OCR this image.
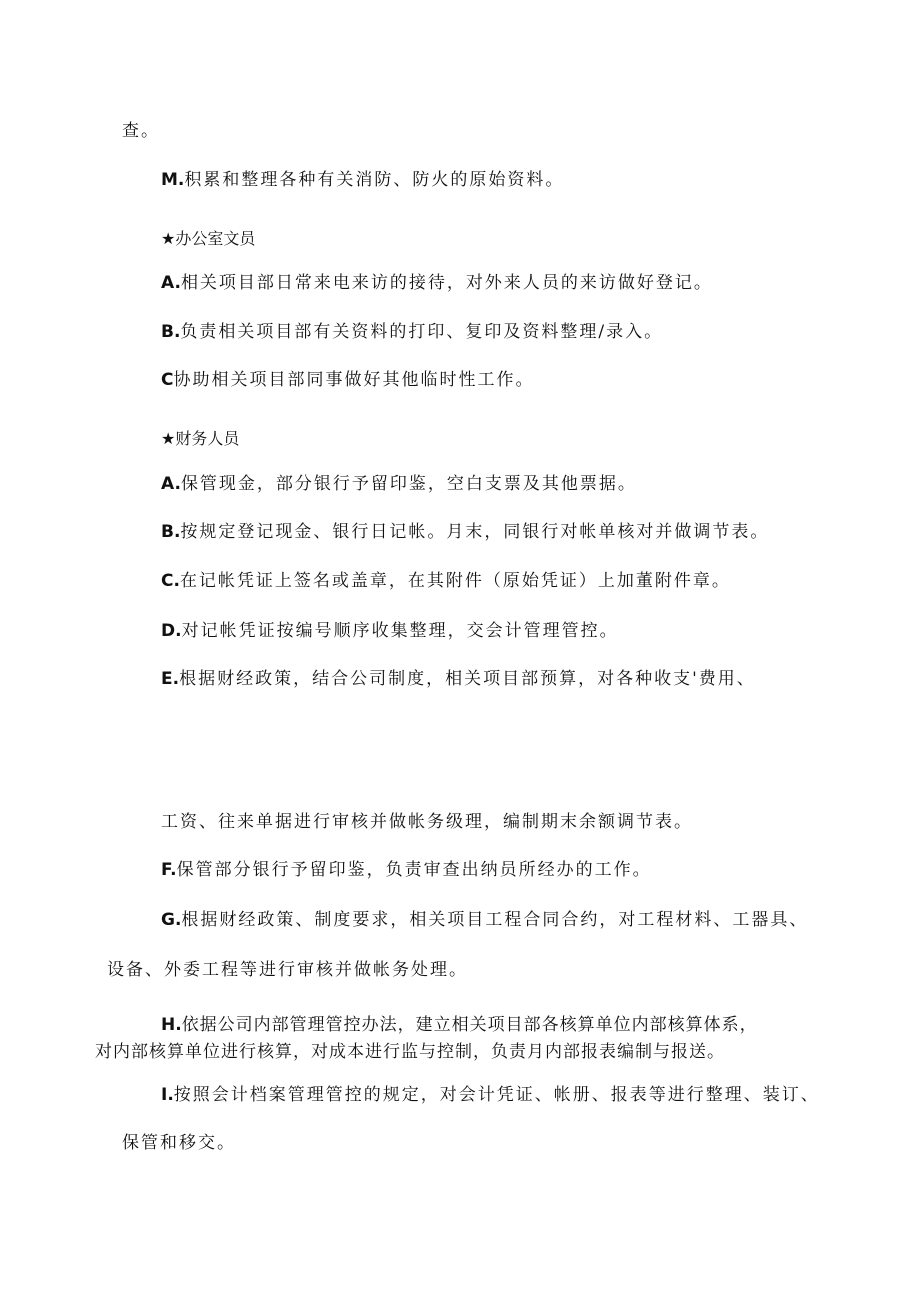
查。
M.积累和整理各种有关消防、防火的原始资料。
★办公室文员
A.相关项目部日常来电来访的接待，对外来人员的来访做好登记。
B.负责相关项目部有关资料的打印、复印及资料整理/录入。
C协助相关项目部同事做好其他临时性工作。
★财务人员
A.保管现金，部分银行予留印鉴，空白支票及其他票据。
B.按规定登记现金、银行日记帐。月末，同银行对帐单核对并做调节表。
C.在记帐凭证上签名或盖章，在其附件（原始凭证）上加董附件章。
D.对记帐凭证按编号顺序收集整理，交会计管理管控。
E.根据财经政策，结合公司制度，相关项目部预算，对各种收支'费用、
工资、往来单据进行审核并做帐务级理，编制期末余额调节表。
F.保管部分银行予留印鉴，负责审查出纳员所经办的工作。
G.根据财经政策、制度要求，相关项目工程合同合约，对工程材料、工器具、
设备、外委工程等进行审核并做帐务处理。
H.依据公司内部管理管控办法，建立相关项目部各核算单位内部核算体系，
对内部核算单位进行核算，对成本进行监与控制，负责月内部报表编制与报送。
I.按照会计档案管理管控的规定，对会计凭证、帐册、报表等进行整理、装订、
保管和移交。
